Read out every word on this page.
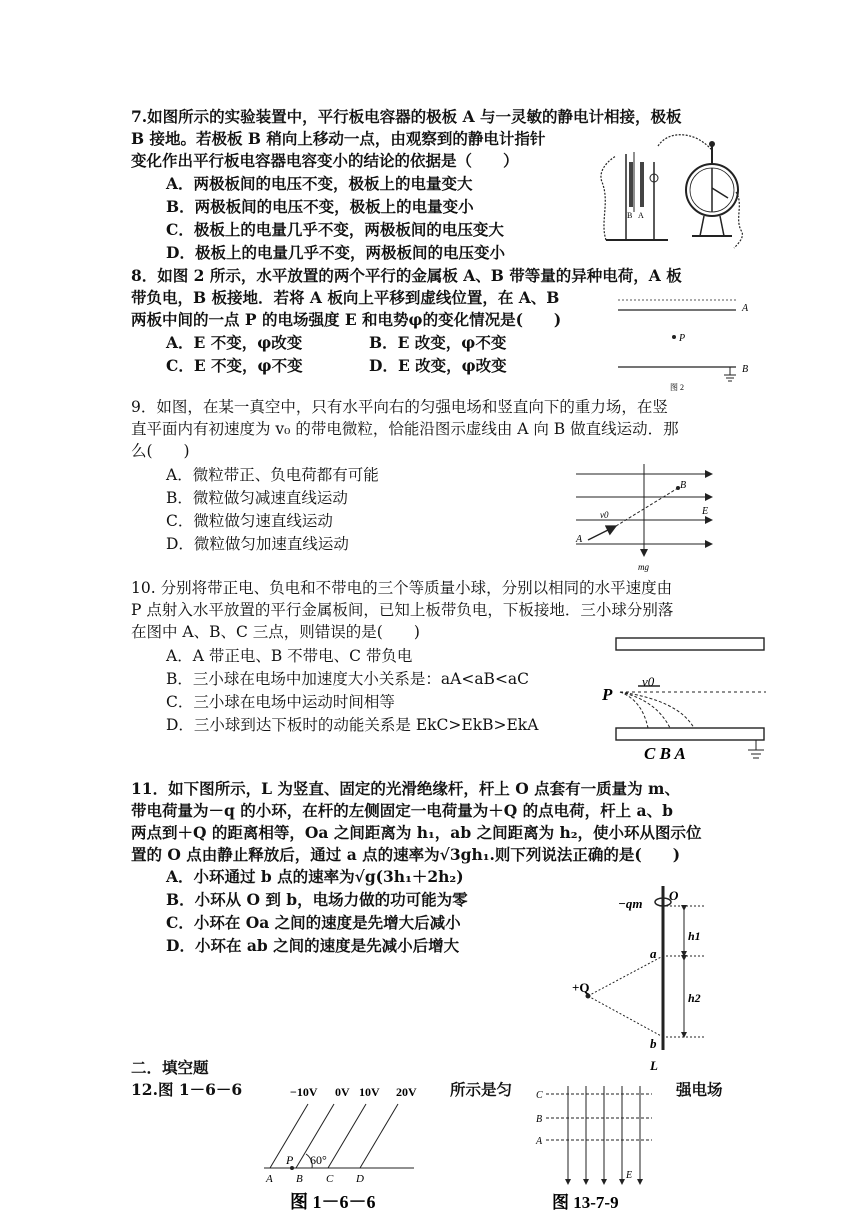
7.如图所示的实验装置中，平行板电容器的极板 A 与一灵敏的静电计相接，极板
B 接地。若极板 B 稍向上移动一点，由观察到的静电计指针
变化作出平行板电容器电容变小的结论的依据是（　　）
A．两极板间的电压不变，极板上的电量变大
B．两极板间的电压不变，极板上的电量变小
C．极板上的电量几乎不变，两极板间的电压变大
D．极板上的电量几乎不变，两极板间的电压变小
B A
8．如图 2 所示，水平放置的两个平行的金属板 A、B 带等量的异种电荷，A 板
带负电，B 板接地．若将 A 板向上平移到虚线位置，在 A、B
两板中间的一点 P 的电场强度 E 和电势φ的变化情况是(　　)
A．E 不变，φ改变	B．E 改变，φ不变
C．E 不变，φ不变	D．E 改变，φ改变
A
P
B
图 2
9．如图，在某一真空中，只有水平向右的匀强电场和竖直向下的重力场，在竖
直平面内有初速度为 v₀ 的带电微粒，恰能沿图示虚线由 A 向 B 做直线运动．那
么(　　)
A．微粒带正、负电荷都有可能
B．微粒做匀减速直线运动
C．微粒做匀速直线运动
D．微粒做匀加速直线运动	A
B
E
v0
mg
10. 分别将带正电、负电和不带电的三个等质量小球，分别以相同的水平速度由
P 点射入水平放置的平行金属板间，已知上板带负电，下板接地．三小球分别落
在图中 A、B、C 三点，则错误的是(　　)
A．A 带正电、B 不带电、C 带负电
B．三小球在电场中加速度大小关系是：aA<aB<aC
C．三小球在电场中运动时间相等
D．三小球到达下板时的动能关系是 EkC>EkB>EkA
P
v0
C B A
11．如下图所示，L 为竖直、固定的光滑绝缘杆，杆上 O 点套有一质量为 m、
带电荷量为－q 的小环，在杆的左侧固定一电荷量为＋Q 的点电荷，杆上 a、b
两点到＋Q 的距离相等，Oa 之间距离为 h₁，ab 之间距离为 h₂，使小环从图示位
置的 O 点由静止释放后，通过 a 点的速率为√3gh₁.则下列说法正确的是(　　)
A．小环通过 b 点的速率为√g(3h₁＋2h₂)
B．小环从 O 到 b，电场力做的功可能为零
C．小环在 Oa 之间的速度是先增大后减小
D．小环在 ab 之间的速度是先减小后增大
−qm
O
h1
h2
+Q
a
b
L
二．填空题
12.图 1－6－6	所示是匀	强电场
−10V 0V 10V 20V
60°
P
A B C D
图 1－6－6
C
B
A
E
图 13-7-9
